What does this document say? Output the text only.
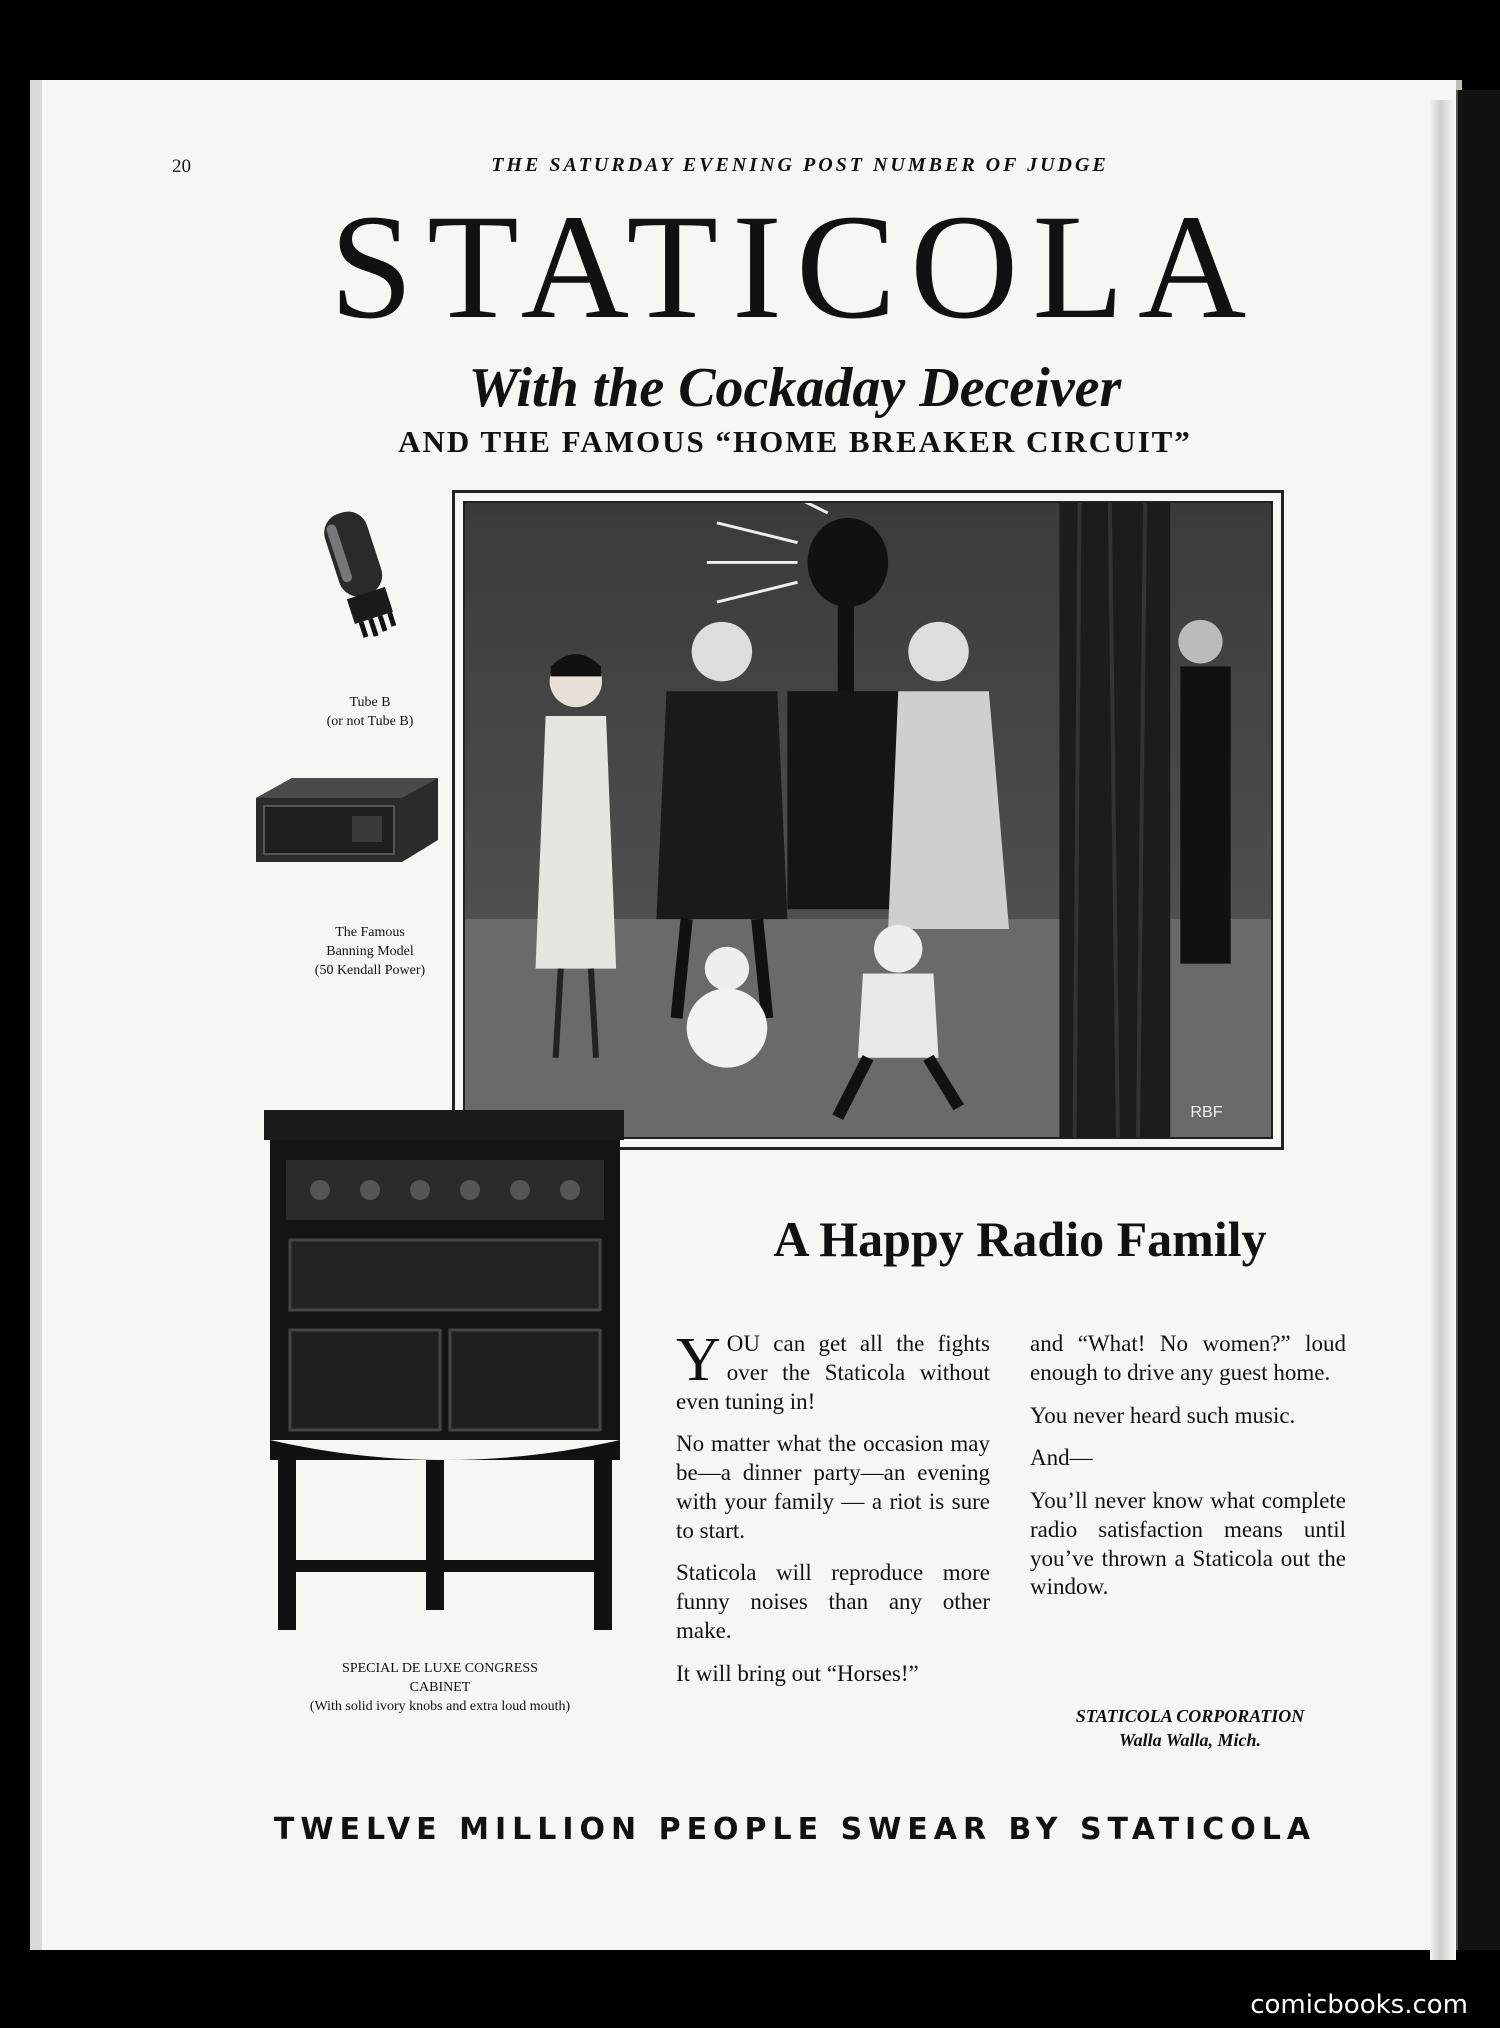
20	THE SATURDAY EVENING POST NUMBER OF JUDGE
STATICOLA
With the Cockaday Deceiver
AND THE FAMOUS “HOME BREAKER CIRCUIT”
Tube B
(or not Tube B)
The Famous
Banning Model
(50 Kendall Power)
RBF
SPECIAL DE LUXE CONGRESS
CABINET
(With solid ivory knobs and extra loud mouth)
A Happy Radio Family

YOU can get all the fights over the Staticola without even tuning in!

No matter what the occasion may be—a dinner party—an evening with your family — a riot is sure to start.

Staticola will reproduce more funny noises than any other make.

It will bring out “Horses!”

and “What! No women?” loud enough to drive any guest home.

You never heard such music.

And—

You’ll never know what complete radio satisfaction means until you’ve thrown a Staticola out the window.

STATICOLA CORPORATION
Walla Walla, Mich.
TWELVE MILLION PEOPLE SWEAR BY STATICOLA
comicbooks.com
